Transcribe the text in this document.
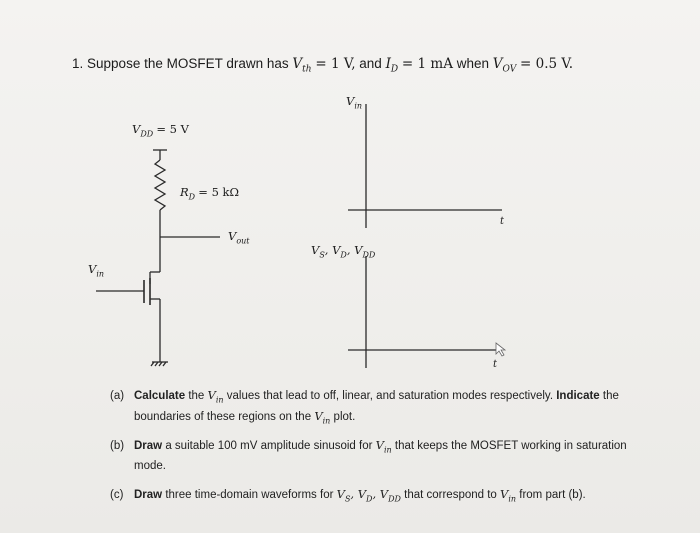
1. Suppose the MOSFET drawn has $V_{th} = 1$ V, and $I_D = 1$ mA when $V_{OV} = 0.5$ V.
$V_{DD} = 5$ V
$R_D = 5$ kΩ
$V_{out}$
$V_{in}$
$V_{in}$
t
$V_S$, $V_D$, $V_{DD}$
t
(a) Calculate the $V_{in}$ values that lead to off, linear, and saturation modes respectively. Indicate the
boundaries of these regions on the $V_{in}$ plot.
(b) Draw a suitable 100 mV amplitude sinusoid for $V_{in}$ that keeps the MOSFET working in saturation
mode.
(c) Draw three time-domain waveforms for $V_S$, $V_D$, $V_{DD}$ that correspond to $V_{in}$ from part (b).
